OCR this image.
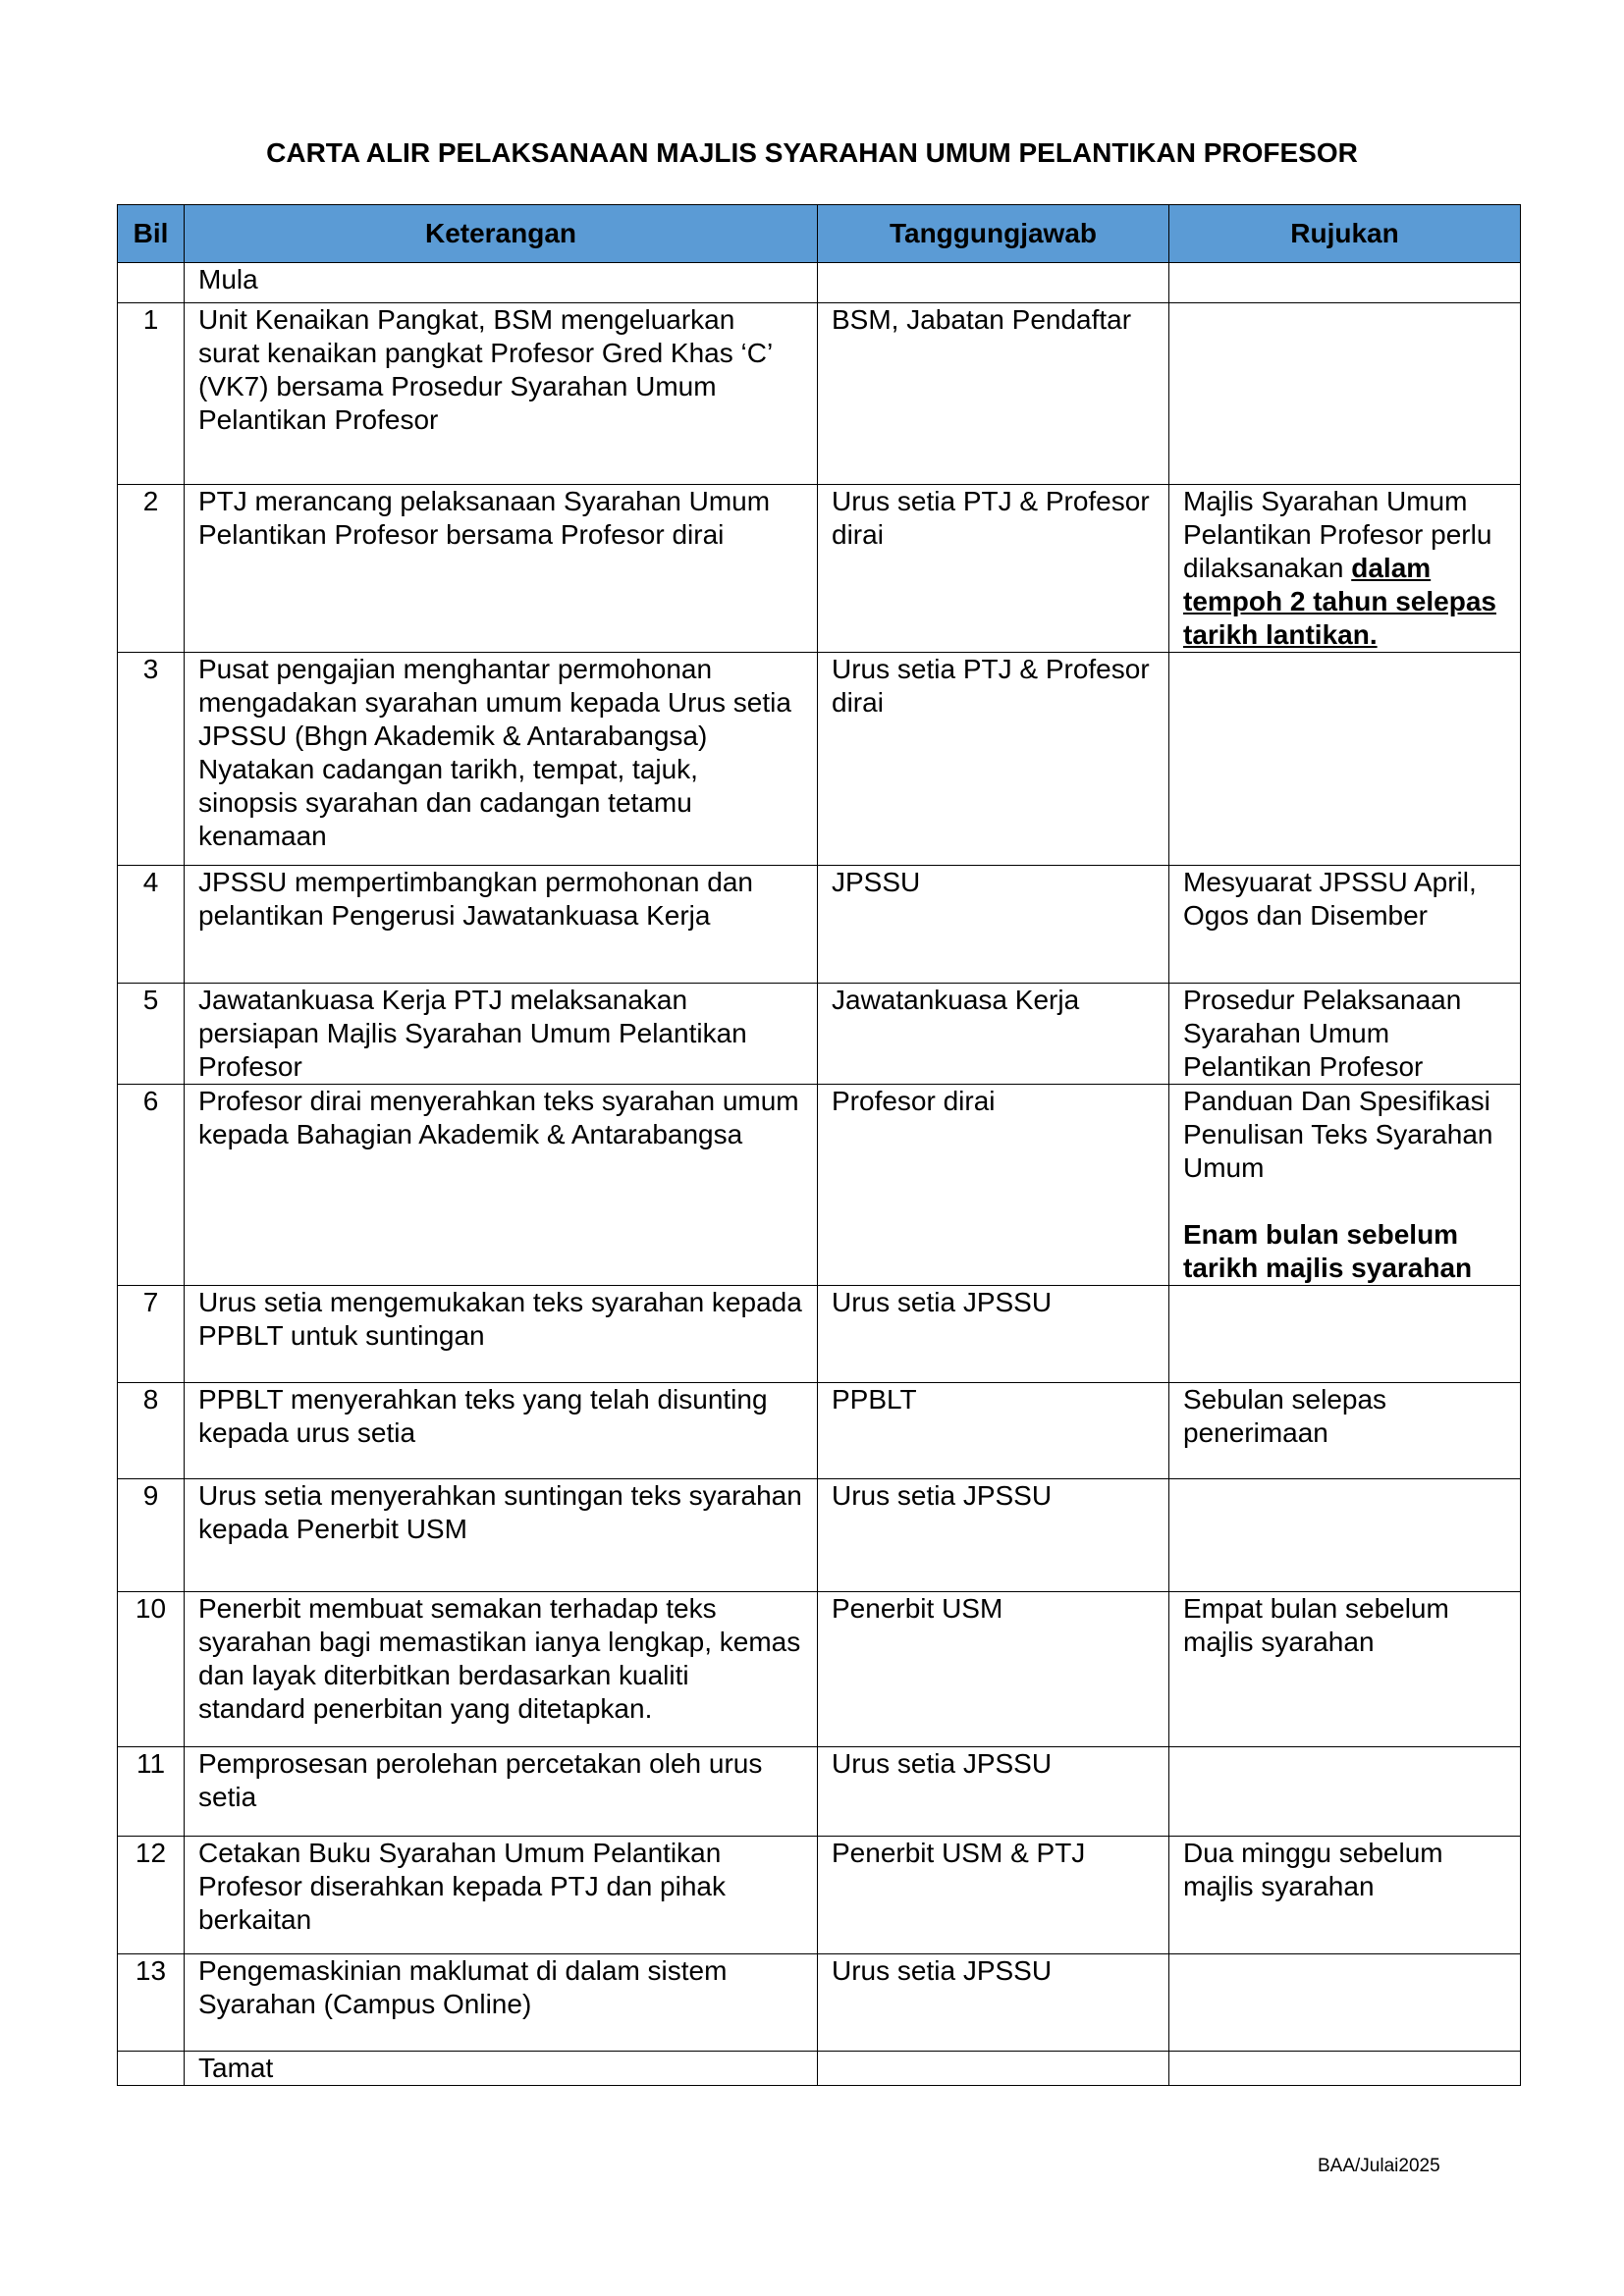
CARTA ALIR PELAKSANAAN MAJLIS SYARAHAN UMUM PELANTIKAN PROFESOR
Bil	Keterangan	Tanggungjawab	Rujukan
	Mula		
1	Unit Kenaikan Pangkat, BSM mengeluarkan surat kenaikan pangkat Profesor Gred Khas ‘C’ (VK7) bersama Prosedur Syarahan Umum Pelantikan Profesor	BSM, Jabatan Pendaftar	
2	PTJ merancang pelaksanaan Syarahan Umum Pelantikan Profesor bersama Profesor dirai	Urus setia PTJ & Profesor dirai	Majlis Syarahan Umum Pelantikan Profesor perlu dilaksanakan dalam tempoh 2 tahun selepas tarikh lantikan.
3	Pusat pengajian menghantar permohonan mengadakan syarahan umum kepada Urus setia JPSSU (Bhgn Akademik & Antarabangsa) Nyatakan cadangan tarikh, tempat, tajuk, sinopsis syarahan dan cadangan tetamu kenamaan	Urus setia PTJ & Profesor dirai	
4	JPSSU mempertimbangkan permohonan dan pelantikan Pengerusi Jawatankuasa Kerja	JPSSU	Mesyuarat JPSSU April, Ogos dan Disember
5	Jawatankuasa Kerja PTJ melaksanakan persiapan Majlis Syarahan Umum Pelantikan Profesor	Jawatankuasa Kerja	Prosedur Pelaksanaan Syarahan Umum Pelantikan Profesor
6	Profesor dirai menyerahkan teks syarahan umum kepada Bahagian Akademik & Antarabangsa	Profesor dirai	Panduan Dan Spesifikasi Penulisan Teks Syarahan Umum
Enam bulan sebelum tarikh majlis syarahan
7	Urus setia mengemukakan teks syarahan kepada PPBLT untuk suntingan	Urus setia JPSSU	
8	PPBLT menyerahkan teks yang telah disunting kepada urus setia	PPBLT	Sebulan selepas penerimaan
9	Urus setia menyerahkan suntingan teks syarahan kepada Penerbit USM	Urus setia JPSSU	
10	Penerbit membuat semakan terhadap teks syarahan bagi memastikan ianya lengkap, kemas dan layak diterbitkan berdasarkan kualiti standard penerbitan yang ditetapkan.	Penerbit USM	Empat bulan sebelum majlis syarahan
11	Pemprosesan perolehan percetakan oleh urus setia	Urus setia JPSSU	
12	Cetakan Buku Syarahan Umum Pelantikan Profesor diserahkan kepada PTJ dan pihak berkaitan	Penerbit USM & PTJ	Dua minggu sebelum majlis syarahan
13	Pengemaskinian maklumat di dalam sistem Syarahan (Campus Online)	Urus setia JPSSU	
	Tamat		
BAA/Julai2025
